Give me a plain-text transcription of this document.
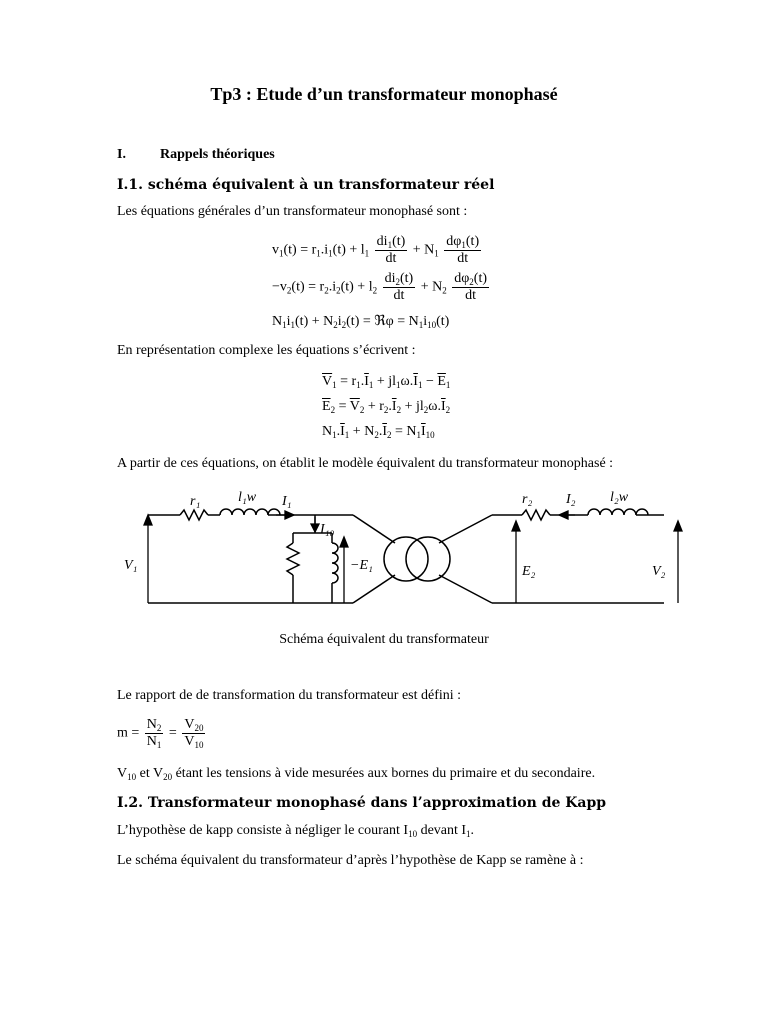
Tp3 : Etude d’un transformateur monophasé
I. Rappels théoriques
I.1. schéma équivalent à un transformateur réel
Les équations générales d’un transformateur monophasé sont :
$v_1(t) = r_1.i_1(t) + l_1 \frac{di_1(t)}{dt} + N_1 \frac{d\varphi_1(t)}{dt}$
$-v_2(t) = r_2.i_2(t) + l_2 \frac{di_2(t)}{dt} + N_2 \frac{d\varphi_2(t)}{dt}$
$N_1i_1(t) + N_2i_2(t)$ = ℜφ = $N_1i_{10}(t)$
En représentation complexe les équations s’écrivent :
$\overline{V}_1 = r_1.\overline{I}_1 + jl_1\omega.\overline{I}_1 - \overline{E}_1$
$\overline{E}_2 = \overline{V}_2 + r_2.\overline{I}_2 + jl_2\omega.\overline{I}_2$
$N_1.\overline{I}_1 + N_2.\overline{I}_2 = N_1\overline{I}_{10}$
A partir de ces équations, on établit le modèle équivalent du transformateur monophasé :
r₁	l₁w I₁
I₁₀
−E₁
V₁
r₂ I₂ l₂w
E₂	V₂
Schéma équivalent du transformateur
Le rapport de de transformation du transformateur est défini :
$m = \frac{N_2}{N_1} = \frac{V_{20}}{V_{10}}$
$V_{10}$ et $V_{20}$ étant les tensions à vide mesurées aux bornes du primaire et du secondaire.
I.2. Transformateur monophasé dans l’approximation de Kapp
L’hypothèse de kapp consiste à négliger le courant $I_{10}$ devant $I_1$.
Le schéma équivalent du transformateur d’après l’hypothèse de Kapp se ramène à :
